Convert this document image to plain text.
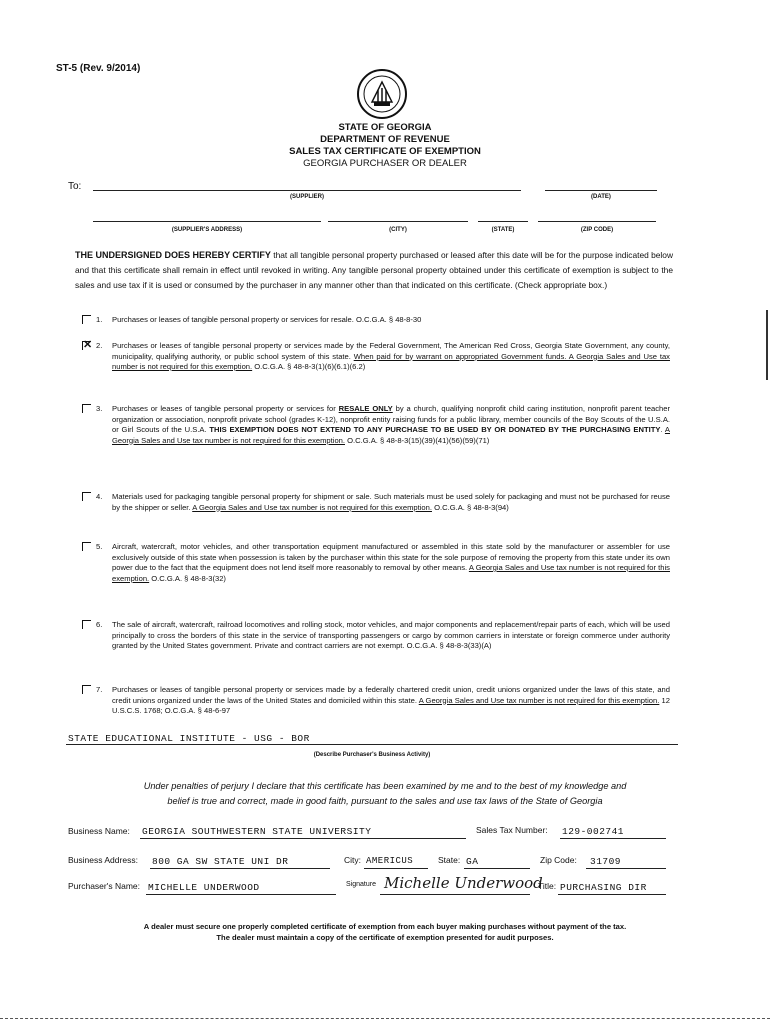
ST-5 (Rev. 9/2014)
STATE OF GEORGIA
DEPARTMENT OF REVENUE
SALES TAX CERTIFICATE OF EXEMPTION
GEORGIA PURCHASER OR DEALER
To:
(SUPPLIER)	(DATE)
(SUPPLIER'S ADDRESS)	(CITY)	(STATE)	(ZIP CODE)
THE UNDERSIGNED DOES HEREBY CERTIFY that all tangible personal property purchased or leased after this date will be for the purpose indicated below and that this certificate shall remain in effect until revoked in writing. Any tangible personal property obtained under this certificate of exemption is subject to the sales and use tax if it is used or consumed by the purchaser in any manner other than that indicated on this certificate. (Check appropriate box.)
1. Purchases or leases of tangible personal property or services for resale. O.C.G.A. § 48-8-30
✕ 2. Purchases or leases of tangible personal property or services made by the Federal Government, The American Red Cross, Georgia State Government, any county, municipality, qualifying authority, or public school system of this state. When paid for by warrant on appropriated Government funds. A Georgia Sales and Use tax number is not required for this exemption. O.C.G.A. § 48-8-3(1)(6)(6.1)(6.2)
3. Purchases or leases of tangible personal property or services for RESALE ONLY by a church, qualifying nonprofit child caring institution, nonprofit parent teacher organization or association, nonprofit private school (grades K-12), nonprofit entity raising funds for a public library, member councils of the Boy Scouts of the U.S.A. or Girl Scouts of the U.S.A. THIS EXEMPTION DOES NOT EXTEND TO ANY PURCHASE TO BE USED BY OR DONATED BY THE PURCHASING ENTITY. A Georgia Sales and Use tax number is not required for this exemption. O.C.G.A. § 48-8-3(15)(39)(41)(56)(59)(71)
4. Materials used for packaging tangible personal property for shipment or sale. Such materials must be used solely for packaging and must not be purchased for reuse by the shipper or seller. A Georgia Sales and Use tax number is not required for this exemption. O.C.G.A. § 48-8-3(94)
5. Aircraft, watercraft, motor vehicles, and other transportation equipment manufactured or assembled in this state sold by the manufacturer or assembler for use exclusively outside of this state when possession is taken by the purchaser within this state for the sole purpose of removing the property from this state under its own power due to the fact that the equipment does not lend itself more reasonably to removal by other means. A Georgia Sales and Use tax number is not required for this exemption. O.C.G.A. § 48-8-3(32)
6. The sale of aircraft, watercraft, railroad locomotives and rolling stock, motor vehicles, and major components and replacement/repair parts of each, which will be used principally to cross the borders of this state in the service of transporting passengers or cargo by common carriers in interstate or foreign commerce under authority granted by the United States government. Private and contract carriers are not exempt. O.C.G.A. § 48-8-3(33)(A)
7. Purchases or leases of tangible personal property or services made by a federally chartered credit union, credit unions organized under the laws of this state, and credit unions organized under the laws of the United States and domiciled within this state. A Georgia Sales and Use tax number is not required for this exemption. 12 U.S.C.S. 1768; O.C.G.A. § 48-6-97
STATE EDUCATIONAL INSTITUTE - USG - BOR
(Describe Purchaser's Business Activity)
Under penalties of perjury I declare that this certificate has been examined by me and to the best of my knowledge and
belief is true and correct, made in good faith, pursuant to the sales and use tax laws of the State of Georgia
Business Name: GEORGIA SOUTHWESTERN STATE UNIVERSITY	Sales Tax Number: 129-002741
Business Address: 800 GA SW STATE UNI DR	City: AMERICUS	State: GA	Zip Code: 31709
Purchaser's Name: MICHELLE UNDERWOOD	Signature Michelle Underwood
Title: PURCHASING DIR
A dealer must secure one properly completed certificate of exemption from each buyer making purchases without payment of the tax.
The dealer must maintain a copy of the certificate of exemption presented for audit purposes.
